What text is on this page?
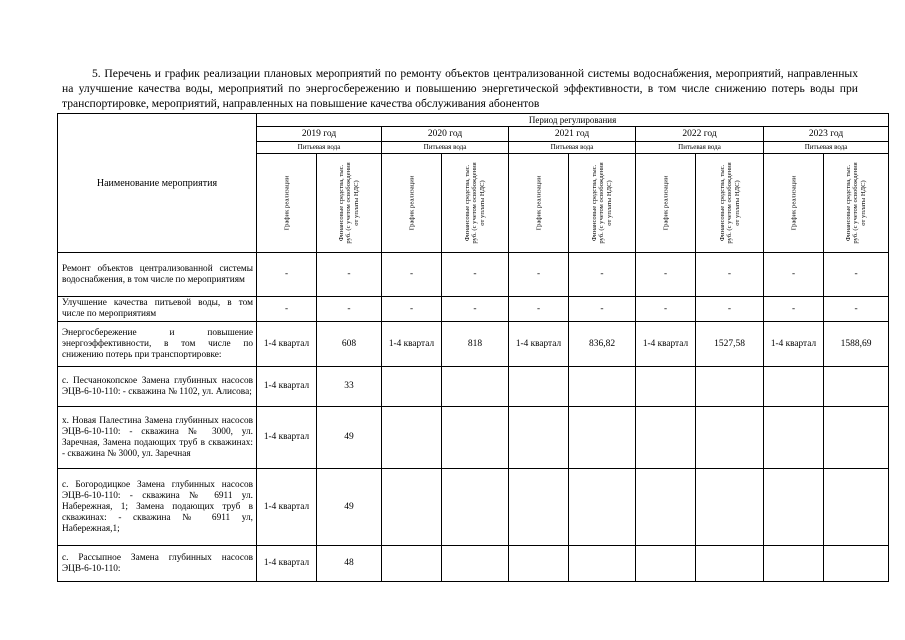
5. Перечень и график реализации плановых мероприятий по ремонту объектов централизованной системы водоснабжения, мероприятий, направленных на улучшение качества воды, мероприятий по энергосбережению и повышению энергетической эффективности, в том числе снижению потерь воды при транспортировке, мероприятий, направленных на повышение качества обслуживания абонентов
Наименование мероприятия	Период регулирования									
	2019 год		2020 год		2021 год		2022 год		2023 год	
	Питьевая вода		Питьевая вода		Питьевая вода		Питьевая вода		Питьевая вода	

	График реализации	Финансовые средства, тыс. руб. (с учетом освобождения от уплаты НДС)	График реализации	Финансовые средства, тыс. руб. (с учетом освобождения от уплаты НДС)	График реализации	Финансовые средства, тыс. руб. (с учетом освобождения от уплаты НДС)	График реализации	Финансовые средства, тыс. руб. (с учетом освобождения от уплаты НДС)	График реализации	Финансовые средства, тыс. руб. (с учетом освобождения от уплаты НДС)

Ремонт объектов централизованной системы водоснабжения, в том числе по мероприятиям	-	-	-	-	-	-	-	-	-	-
Улучшение качества питьевой воды, в том числе по мероприятиям	-	-	-	-	-	-	-	-	-	-
Энергосбережение и повышение энергоэффективности, в том числе по снижению потерь при транспортировке:	1-4 квартал	608	1-4 квартал	818	1-4 квартал	836,82	1-4 квартал	1527,58	1-4 квартал	1588,69
с. Песчанокопское Замена глубинных насосов ЭЦВ-6-10-110: - скважина № 1102, ул. Алисова;	1-4 квартал	33								
х. Новая Палестина Замена глубинных насосов ЭЦВ-6-10-110: - скважина № 3000, ул. Заречная, Замена подающих труб в скважинах: - скважина № 3000, ул. Заречная	1-4 квартал	49								
с. Богородицкое Замена глубинных насосов ЭЦВ-6-10-110: - скважина № 6911 ул. Набережная, 1; Замена подающих труб в скважинах: - скважина № 6911 ул, Набережная,1;	1-4 квартал	49								
с. Рассыпное Замена глубинных насосов ЭЦВ-6-10-110:	1-4 квартал	48								
